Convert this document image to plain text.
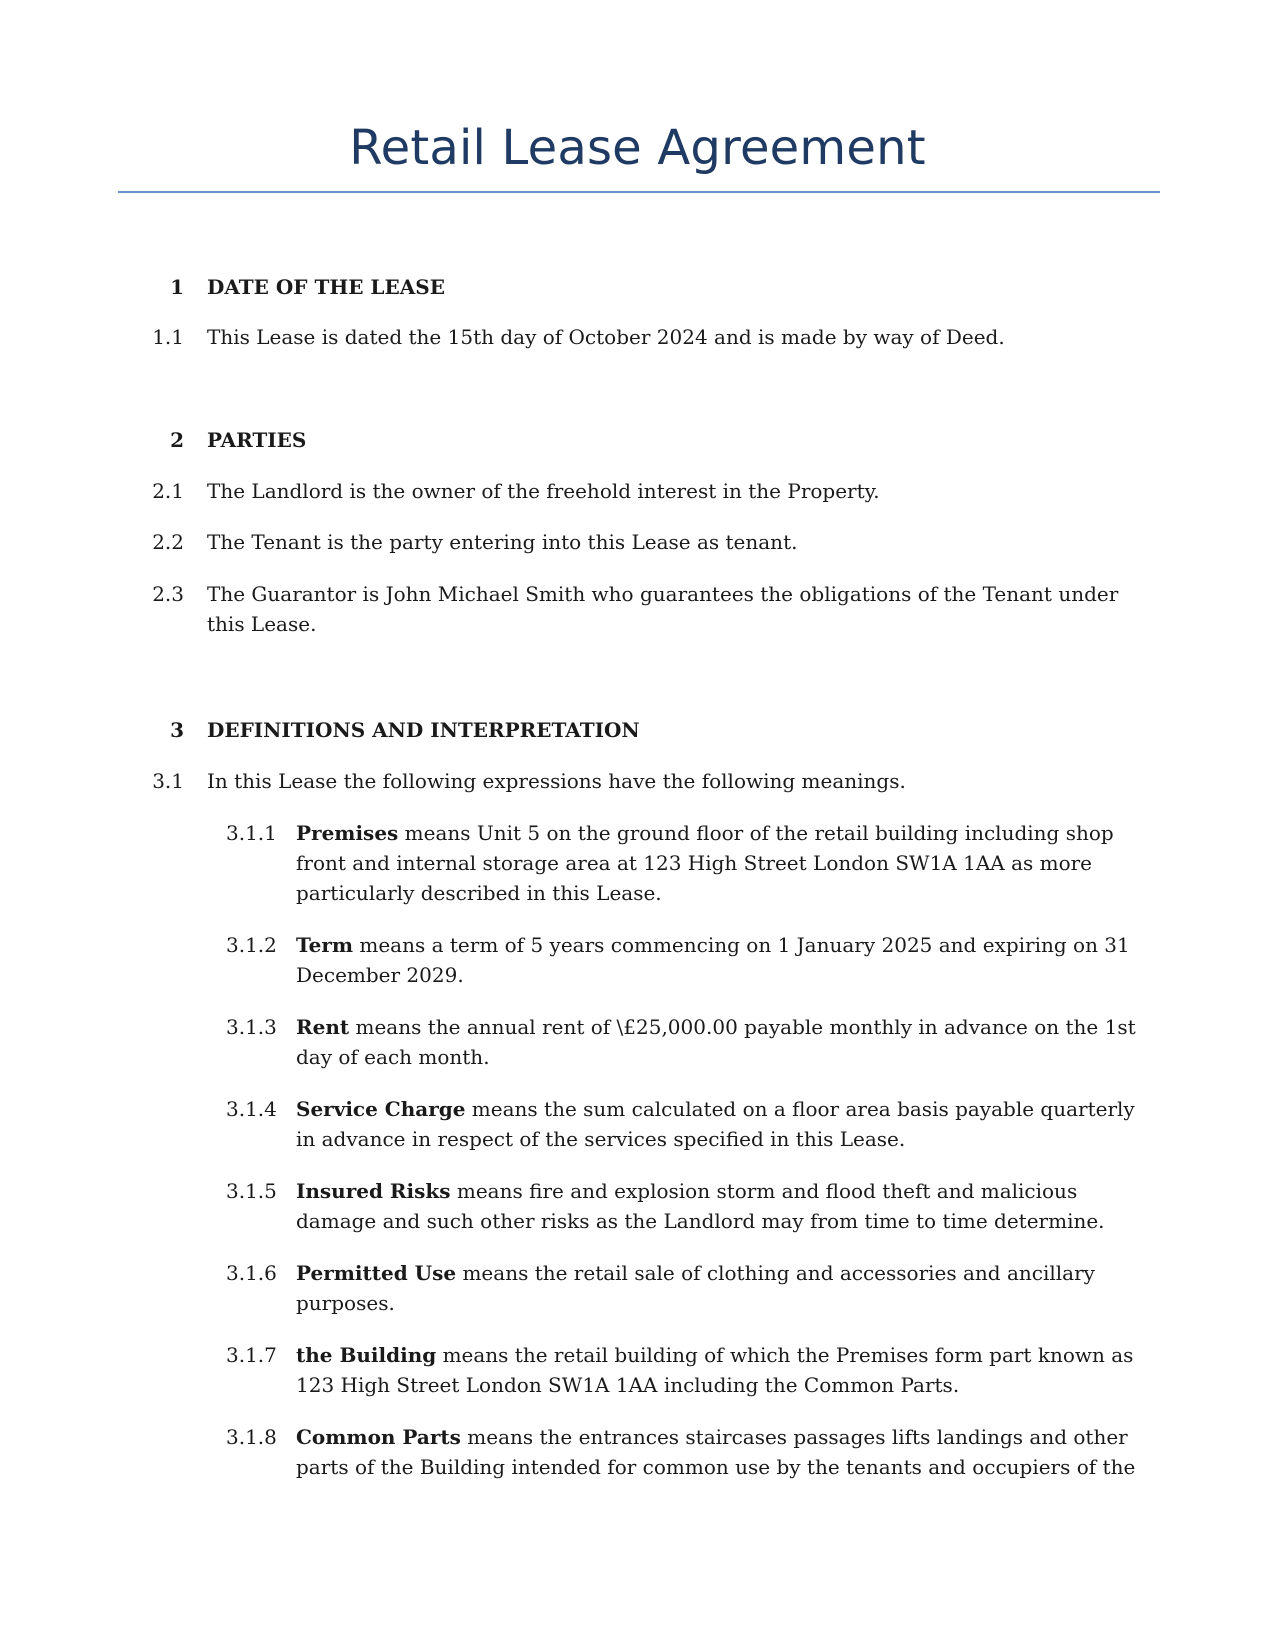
Retail Lease Agreement
1 DATE OF THE LEASE
1.1 This Lease is dated the 15th day of October 2024 and is made by way of Deed.
2 PARTIES
2.1 The Landlord is the owner of the freehold interest in the Property.
2.2 The Tenant is the party entering into this Lease as tenant.
2.3 The Guarantor is John Michael Smith who guarantees the obligations of the Tenant under this Lease.
3 DEFINITIONS AND INTERPRETATION
3.1 In this Lease the following expressions have the following meanings.
3.1.1 Premises means Unit 5 on the ground floor of the retail building including shop front and internal storage area at 123 High Street London SW1A 1AA as more particularly described in this Lease.
3.1.2 Term means a term of 5 years commencing on 1 January 2025 and expiring on 31 December 2029.
3.1.3 Rent means the annual rent of \£25,000.00 payable monthly in advance on the 1st day of each month.
3.1.4 Service Charge means the sum calculated on a floor area basis payable quarterly in advance in respect of the services specified in this Lease.
3.1.5 Insured Risks means fire and explosion storm and flood theft and malicious damage and such other risks as the Landlord may from time to time determine.
3.1.6 Permitted Use means the retail sale of clothing and accessories and ancillary purposes.
3.1.7 the Building means the retail building of which the Premises form part known as 123 High Street London SW1A 1AA including the Common Parts.
3.1.8 Common Parts means the entrances staircases passages lifts landings and other parts of the Building intended for common use by the tenants and occupiers of the
